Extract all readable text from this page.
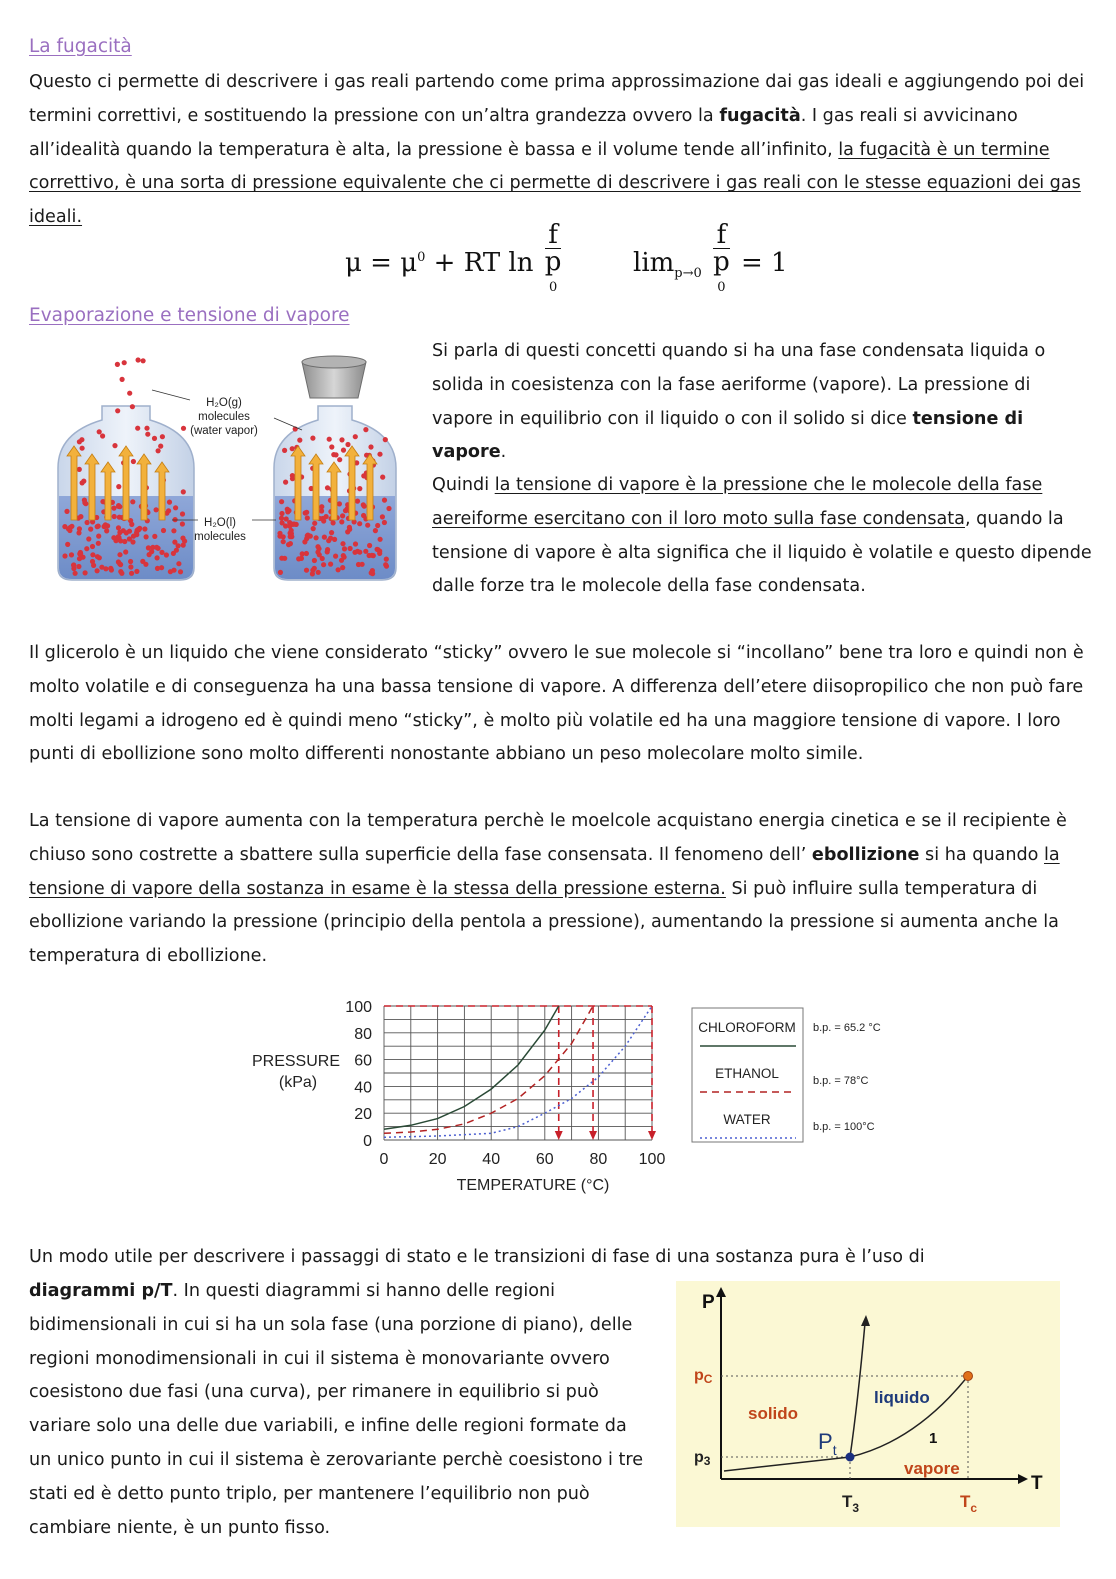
La fugacità

Questo ci permette di descrivere i gas reali partendo come prima approssimazione dai gas ideali e aggiungendo poi dei termini correttivi, e sostituendo la pressione con un’altra grandezza ovvero la fugacità. I gas reali si avvicinano all’idealità quando la temperatura è alta, la pressione è bassa e il volume tende all’infinito, la fugacità è un termine correttivo, è una sorta di pressione equivalente che ci permette di descrivere i gas reali con le stesse equazioni dei gas ideali.

$\mu = \mu^0$ + RT ln f
p
$^0$	$\lim_{p\to 0} f$
p
$^0$ = 1
Evaporazione e tensione di vapore
H₂O(g)
molecules
(water vapor)
H₂O(l)
molecules

Si parla di questi concetti quando si ha una fase condensata liquida o solida in coesistenza con la fase aeriforme (vapore). La pressione di vapore in equilibrio con il liquido o con il solido si dice tensione di vapore.

Quindi la tensione di vapore è la pressione che le molecole della fase aereiforme esercitano con il loro moto sulla fase condensata, quando la tensione di vapore è alta significa che il liquido è volatile e questo dipende dalle forze tra le molecole della fase condensata.

Il glicerolo è un liquido che viene considerato “sticky” ovvero le sue molecole si “incollano” bene tra loro e quindi non è molto volatile e di conseguenza ha una bassa tensione di vapore. A differenza dell’etere diisopropilico che non può fare molti legami a idrogeno ed è quindi meno “sticky”, è molto più volatile ed ha una maggiore tensione di vapore. I loro punti di ebollizione sono molto differenti nonostante abbiano un peso molecolare molto simile.

La tensione di vapore aumenta con la temperatura perchè le moelcole acquistano energia cinetica e se il recipiente è chiuso sono costrette a sbattere sulla superficie della fase consensata. Il fenomeno dell’ ebollizione si ha quando la tensione di vapore della sostanza in esame è la stessa della pressione esterna. Si può influire sulla temperatura di ebollizione variando la pressione (principio della pentola a pressione), aumentando la pressione si aumenta anche la temperatura di ebollizione.

0	20 40 60 80 100
0
20
40
60
80
100
PRESSURE
(kPa)
TEMPERATURE (°C)
CHLOROFORM b.p. = 65.2 °C
ETHANOL	b.p. = 78°C
WATER	b.p. = 100°C

Un modo utile per descrivere i passaggi di stato e le transizioni di fase di una sostanza pura è l’uso di

diagrammi p/T. In questi diagrammi si hanno delle regioni bidimensionali in cui si ha un sola fase (una porzione di piano), delle regioni monodimensionali in cui il sistema è monovariante ovvero coesistono due fasi (una curva), per rimanere in equilibrio si può variare solo una delle due variabili, e infine delle regioni formate da un unico punto in cui il sistema è zerovariante perchè coesistono i tre stati ed è detto punto triplo, per mantenere l’equilibrio non può cambiare niente, è un punto fisso.

P
T
pC
p3
$T_3$	$T_c$
solido
liquido
vapore
$P_t$
1
